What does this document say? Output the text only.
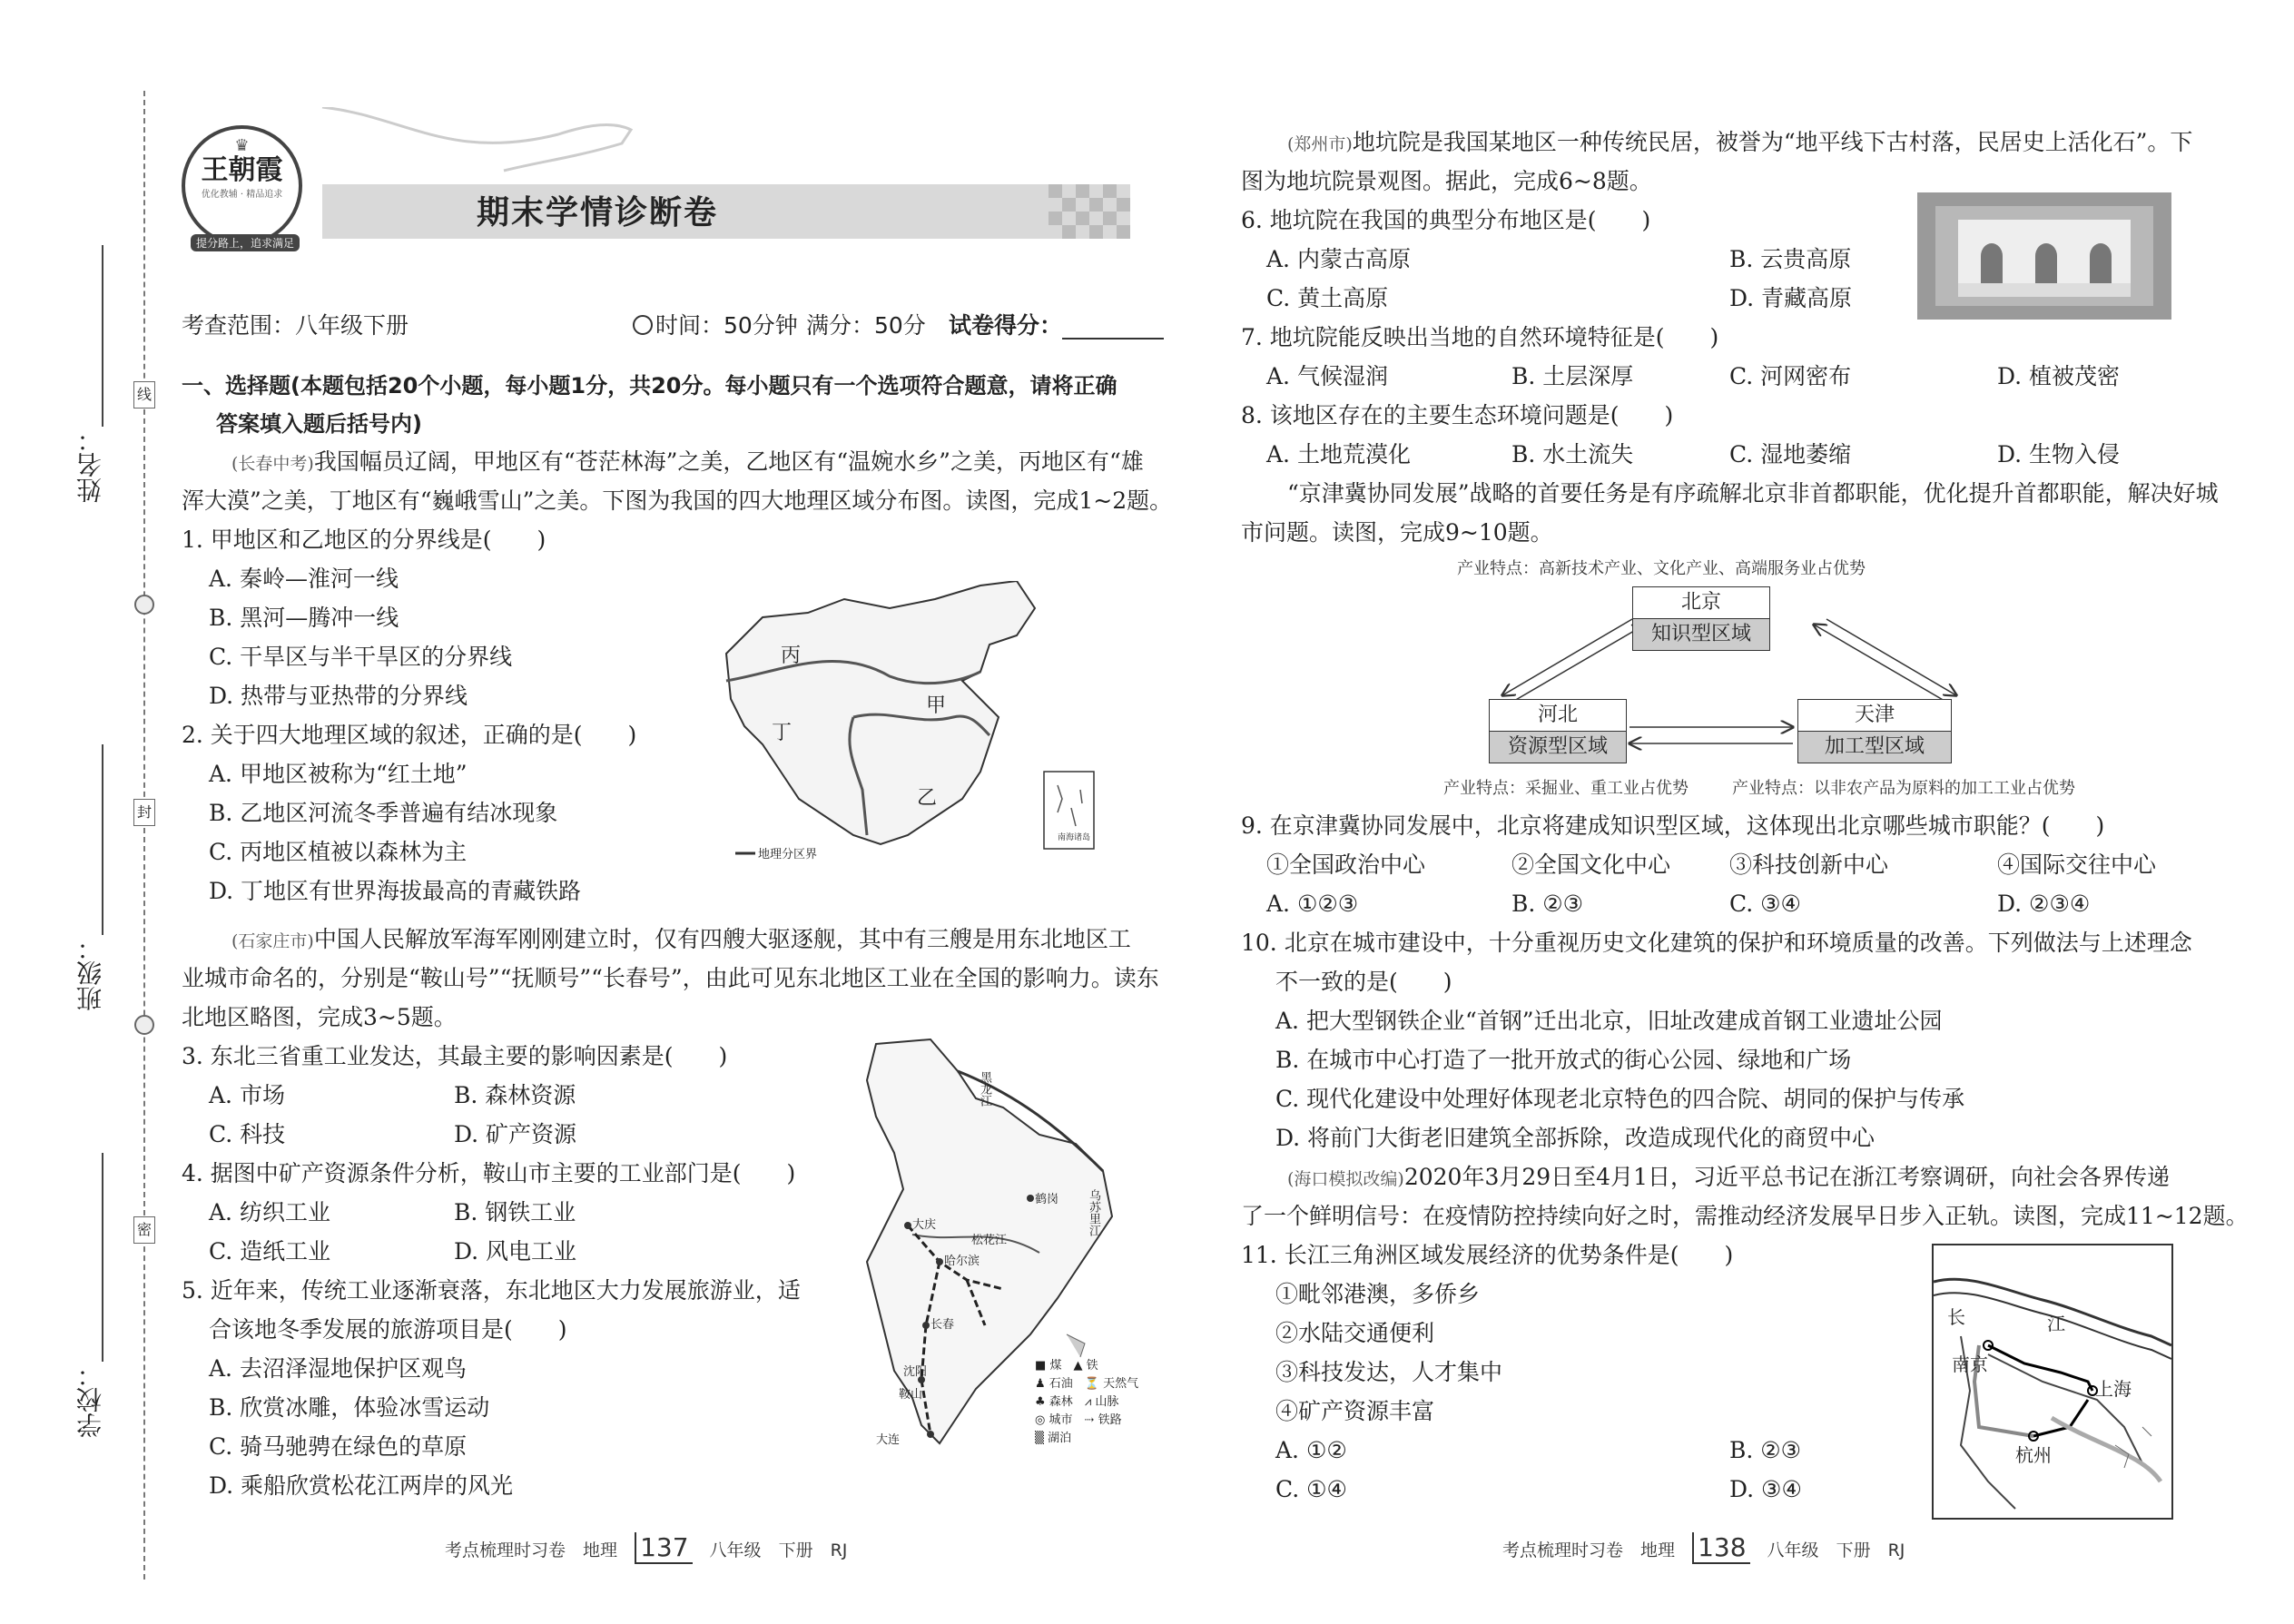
姓名：
班级：
学校：
线
封
密
♛
王朝霞
优化教辅 · 精品追求
提分路上，追求满足
期末学情诊断卷
考查范围：八年级下册	时间：50分钟 满分：50分 试卷得分：
一、选择题(本题包括20个小题，每小题1分，共20分。每小题只有一个选项符合题意，请将正确
答案填入题后括号内)
(长春中考)我国幅员辽阔，甲地区有“苍茫林海”之美，乙地区有“温婉水乡”之美，丙地区有“雄
浑大漠”之美，丁地区有“巍峨雪山”之美。下图为我国的四大地理区域分布图。读图，完成1~2题。
1. 甲地区和乙地区的分界线是(　　)
A. 秦岭—淮河一线
B. 黑河—腾冲一线
C. 干旱区与半干旱区的分界线
D. 热带与亚热带的分界线
2. 关于四大地理区域的叙述，正确的是(　　)
A. 甲地区被称为“红土地”
B. 乙地区河流冬季普遍有结冰现象
C. 丙地区植被以森林为主
D. 丁地区有世界海拔最高的青藏铁路
丙
甲
丁
乙
地理分区界
南海诸岛
(石家庄市)中国人民解放军海军刚刚建立时，仅有四艘大驱逐舰，其中有三艘是用东北地区工
业城市命名的，分别是“鞍山号”“抚顺号”“长春号”，由此可见东北地区工业在全国的影响力。读东
北地区略图，完成3~5题。
3. 东北三省重工业发达，其最主要的影响因素是(　　)
A. 市场	B. 森林资源
C. 科技	D. 矿产资源
4. 据图中矿产资源条件分析，鞍山市主要的工业部门是(　　)
A. 纺织工业	B. 钢铁工业
C. 造纸工业	D. 风电工业
5. 近年来，传统工业逐渐衰落，东北地区大力发展旅游业，适
合该地冬季发展的旅游项目是(　　)
A. 去沼泽湿地保护区观鸟
B. 欣赏冰雕，体验冰雪运动
C. 骑马驰骋在绿色的草原
D. 乘船欣赏松花江两岸的风光
大庆
哈尔滨
长春
沈阳
鞍山
大连
鹤岗
黑龙江
松花江
乌苏里江
■ 煤　 ▲ 铁
♟ 石油　 ⏳ 天然气
♣ 森林　 ⩘ 山脉
◎ 城市　 ⇢ 铁路
▒ 湖泊
考点梳理时习卷　 地理　 137　 八年级　 下册　 RJ
(郑州市)地坑院是我国某地区一种传统民居，被誉为“地平线下古村落，民居史上活化石”。下
图为地坑院景观图。据此，完成6~8题。
6. 地坑院在我国的典型分布地区是(　　)
A. 内蒙古高原	B. 云贵高原
C. 黄土高原	D. 青藏高原
7. 地坑院能反映出当地的自然环境特征是(　　)
A. 气候湿润	B. 土层深厚	C. 河网密布	D. 植被茂密
8. 该地区存在的主要生态环境问题是(　　)
A. 土地荒漠化	B. 水土流失	C. 湿地萎缩	D. 生物入侵
“京津冀协同发展”战略的首要任务是有序疏解北京非首都职能，优化提升首都职能，解决好城
市问题。读图，完成9~10题。
产业特点：高新技术产业、文化产业、高端服务业占优势
北京
知识型区域
河北
资源型区域
天津
加工型区域
产业特点：采掘业、重工业占优势	产业特点：以非农产品为原料的加工工业占优势
9. 在京津冀协同发展中，北京将建成知识型区域，这体现出北京哪些城市职能？(　　)
①全国政治中心	②全国文化中心	③科技创新中心	④国际交往中心
A. ①②③	B. ②③	C. ③④	D. ②③④
10. 北京在城市建设中，十分重视历史文化建筑的保护和环境质量的改善。下列做法与上述理念
不一致的是(　　)
A. 把大型钢铁企业“首钢”迁出北京，旧址改建成首钢工业遗址公园
B. 在城市中心打造了一批开放式的街心公园、绿地和广场
C. 现代化建设中处理好体现老北京特色的四合院、胡同的保护与传承
D. 将前门大街老旧建筑全部拆除，改造成现代化的商贸中心
(海口模拟改编)2020年3月29日至4月1日，习近平总书记在浙江考察调研，向社会各界传递
了一个鲜明信号：在疫情防控持续向好之时，需推动经济发展早日步入正轨。读图，完成11~12题。
11. 长江三角洲区域发展经济的优势条件是(　　)
①毗邻港澳，多侨乡
②水陆交通便利
③科技发达，人才集中
④矿产资源丰富
A. ①②	B. ②③
C. ①④	D. ③④
长	江
南京
上海
杭州
考点梳理时习卷　 地理　 138　 八年级　 下册　 RJ
